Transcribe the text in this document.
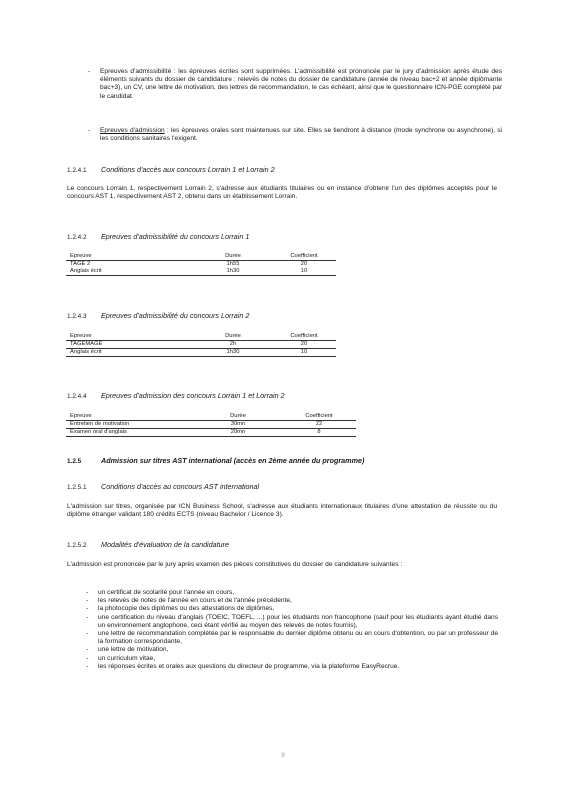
-	Epreuves d'admissibilité : les épreuves écrites sont supprimées. L'admissibilité est prononcée par le jury d'admission après étude des éléments suivants du dossier de candidature : relevés de notes du dossier de candidature (année de niveau bac+2 et année diplômante bac+3), un CV, une lettre de motivation, des lettres de recommandation, le cas échéant, ainsi que le questionnaire ICN-PGE complété par le candidat.
-	Epreuves d'admission : les épreuves orales sont maintenues sur site. Elles se tiendront à distance (mode synchrone ou asynchrone), si les conditions sanitaires l'exigent.
1.2.4.1 Conditions d'accès aux concours Lorrain 1 et Lorrain 2
Le concours Lorrain 1, respectivement Lorrain 2, s'adresse aux étudiants titulaires ou en instance d'obtenir l'un des diplômes acceptés pour le concours AST 1, respectivement AST 2, obtenu dans un établissement Lorrain.
1.2.4.2 Epreuves d'admissibilité du concours Lorrain 1
Epreuve	Durée	Coefficient
TAGE 2	1h55	20
Anglais écrit	1h30	10
1.2.4.3 Epreuves d'admissibilité du concours Lorrain 2
Epreuve	Durée	Coefficient
TAGEMAGE	2h	20
Anglais écrit	1h30	10
1.2.4.4 Epreuves d'admission des concours Lorrain 1 et Lorrain 2
Epreuve	Durée	Coefficient
Entretien de motivation	30mn	22
Examen oral d'anglais	20mn	8
1.2.5	Admission sur titres AST international (accès en 2ème année du programme)
1.2.5.1 Conditions d'accès au concours AST international
L'admission sur titres, organisée par ICN Business School, s'adresse aux étudiants internationaux titulaires d'une attestation de réussite ou du diplôme étranger validant 180 crédits ECTS (niveau Bachelor / Licence 3).
1.2.5.2 Modalités d'évaluation de la candidature
L'admission est prononcée par le jury après examen des pièces constitutives du dossier de candidature suivantes :
-	un certificat de scolarité pour l'année en cours,
-	les relevés de notes de l'année en cours et de l'année précédente,
-	la photocopie des diplômes ou des attestations de diplômes,
-	une certification du niveau d'anglais (TOEIC, TOEFL, ...) pour les étudiants non francophone (sauf pour les étudiants ayant étudié dans un environnement anglophone, ceci étant vérifié au moyen des relevés de notes fournis),
-	une lettre de recommandation complétée par le responsable du dernier diplôme obtenu ou en cours d'obtention, ou par un professeur de la formation correspondante,
-	une lettre de motivation,
-	un curriculum vitae,
-	les réponses écrites et orales aux questions du directeur de programme, via la plateforme EasyRecrue.
9
